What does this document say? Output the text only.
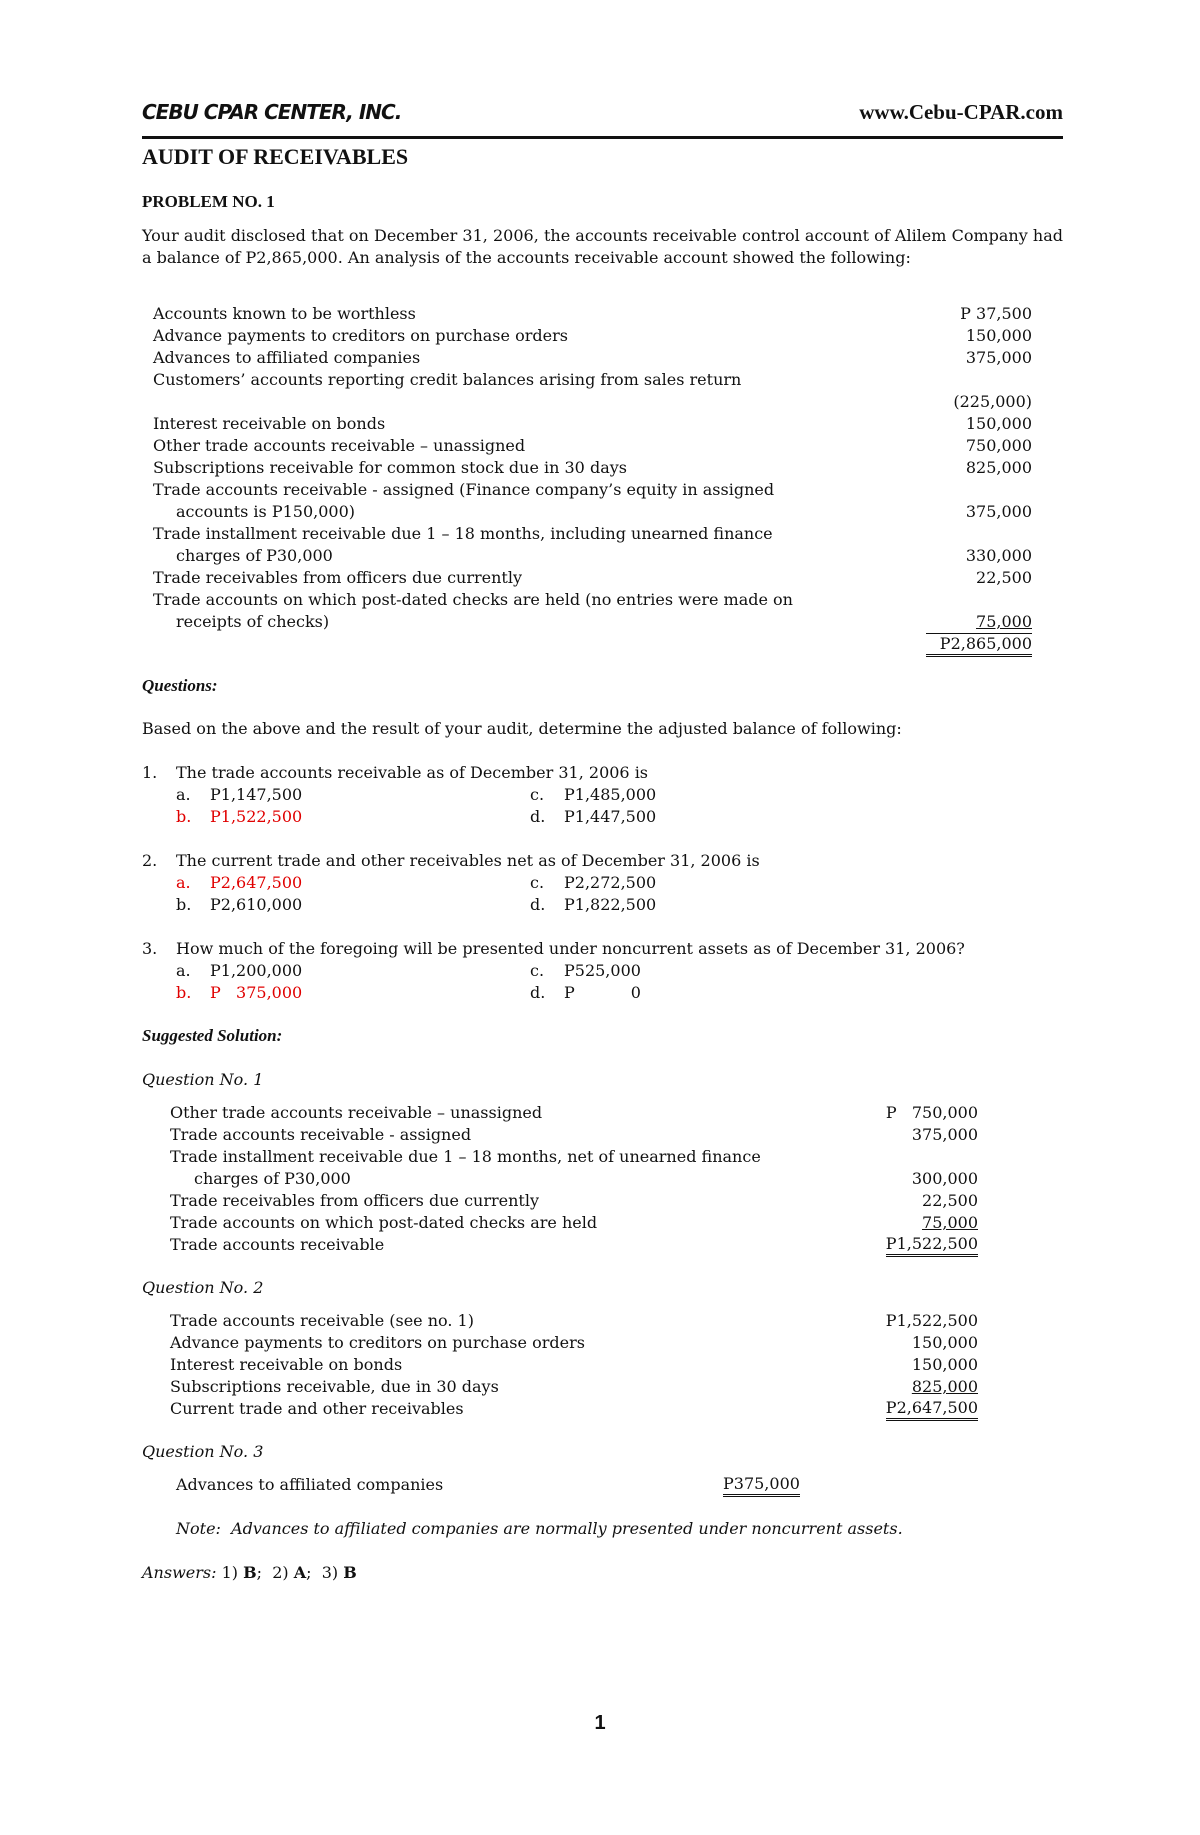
CEBU CPAR CENTER, INC.	www.Cebu-CPAR.com
AUDIT OF RECEIVABLES
PROBLEM NO. 1
Your audit disclosed that on December 31, 2006, the accounts receivable control account of Alilem Company had a balance of P2,865,000. An analysis of the accounts receivable account showed the following:
Accounts known to be worthless	P 37,500
Advance payments to creditors on purchase orders	150,000
Advances to affiliated companies	375,000
Customers’ accounts reporting credit balances arising from sales return
(225,000)
Interest receivable on bonds	150,000
Other trade accounts receivable – unassigned	750,000
Subscriptions receivable for common stock due in 30 days	825,000
Trade accounts receivable - assigned (Finance company’s equity in assigned
accounts is P150,000)	375,000
Trade installment receivable due 1 – 18 months, including unearned finance
charges of P30,000	330,000
Trade receivables from officers due currently	22,500
Trade accounts on which post-dated checks are held (no entries were made on
receipts of checks)	75,000
P2,865,000
Questions:
Based on the above and the result of your audit, determine the adjusted balance of following:
1. The trade accounts receivable as of December 31, 2006 is
a. P1,147,500	c. P1,485,000
b. P1,522,500	d. P1,447,500
2. The current trade and other receivables net as of December 31, 2006 is
a. P2,647,500	c. P2,272,500
b. P2,610,000	d. P1,822,500
3. How much of the foregoing will be presented under noncurrent assets as of December 31, 2006?
a. P1,200,000	c. P525,000
b. P   375,000	d. P           0
Suggested Solution:
Question No. 1
Other trade accounts receivable – unassigned	P   750,000
Trade accounts receivable - assigned	375,000
Trade installment receivable due 1 – 18 months, net of unearned finance
charges of P30,000	300,000
Trade receivables from officers due currently	22,500
Trade accounts on which post-dated checks are held	75,000
Trade accounts receivable	P1,522,500
Question No. 2
Trade accounts receivable (see no. 1)	P1,522,500
Advance payments to creditors on purchase orders	150,000
Interest receivable on bonds	150,000
Subscriptions receivable, due in 30 days	825,000
Current trade and other receivables	P2,647,500
Question No. 3
Advances to affiliated companies	P375,000
Note:  Advances to affiliated companies are normally presented under noncurrent assets.
Answers: 1) B;  2) A;  3) B
1
